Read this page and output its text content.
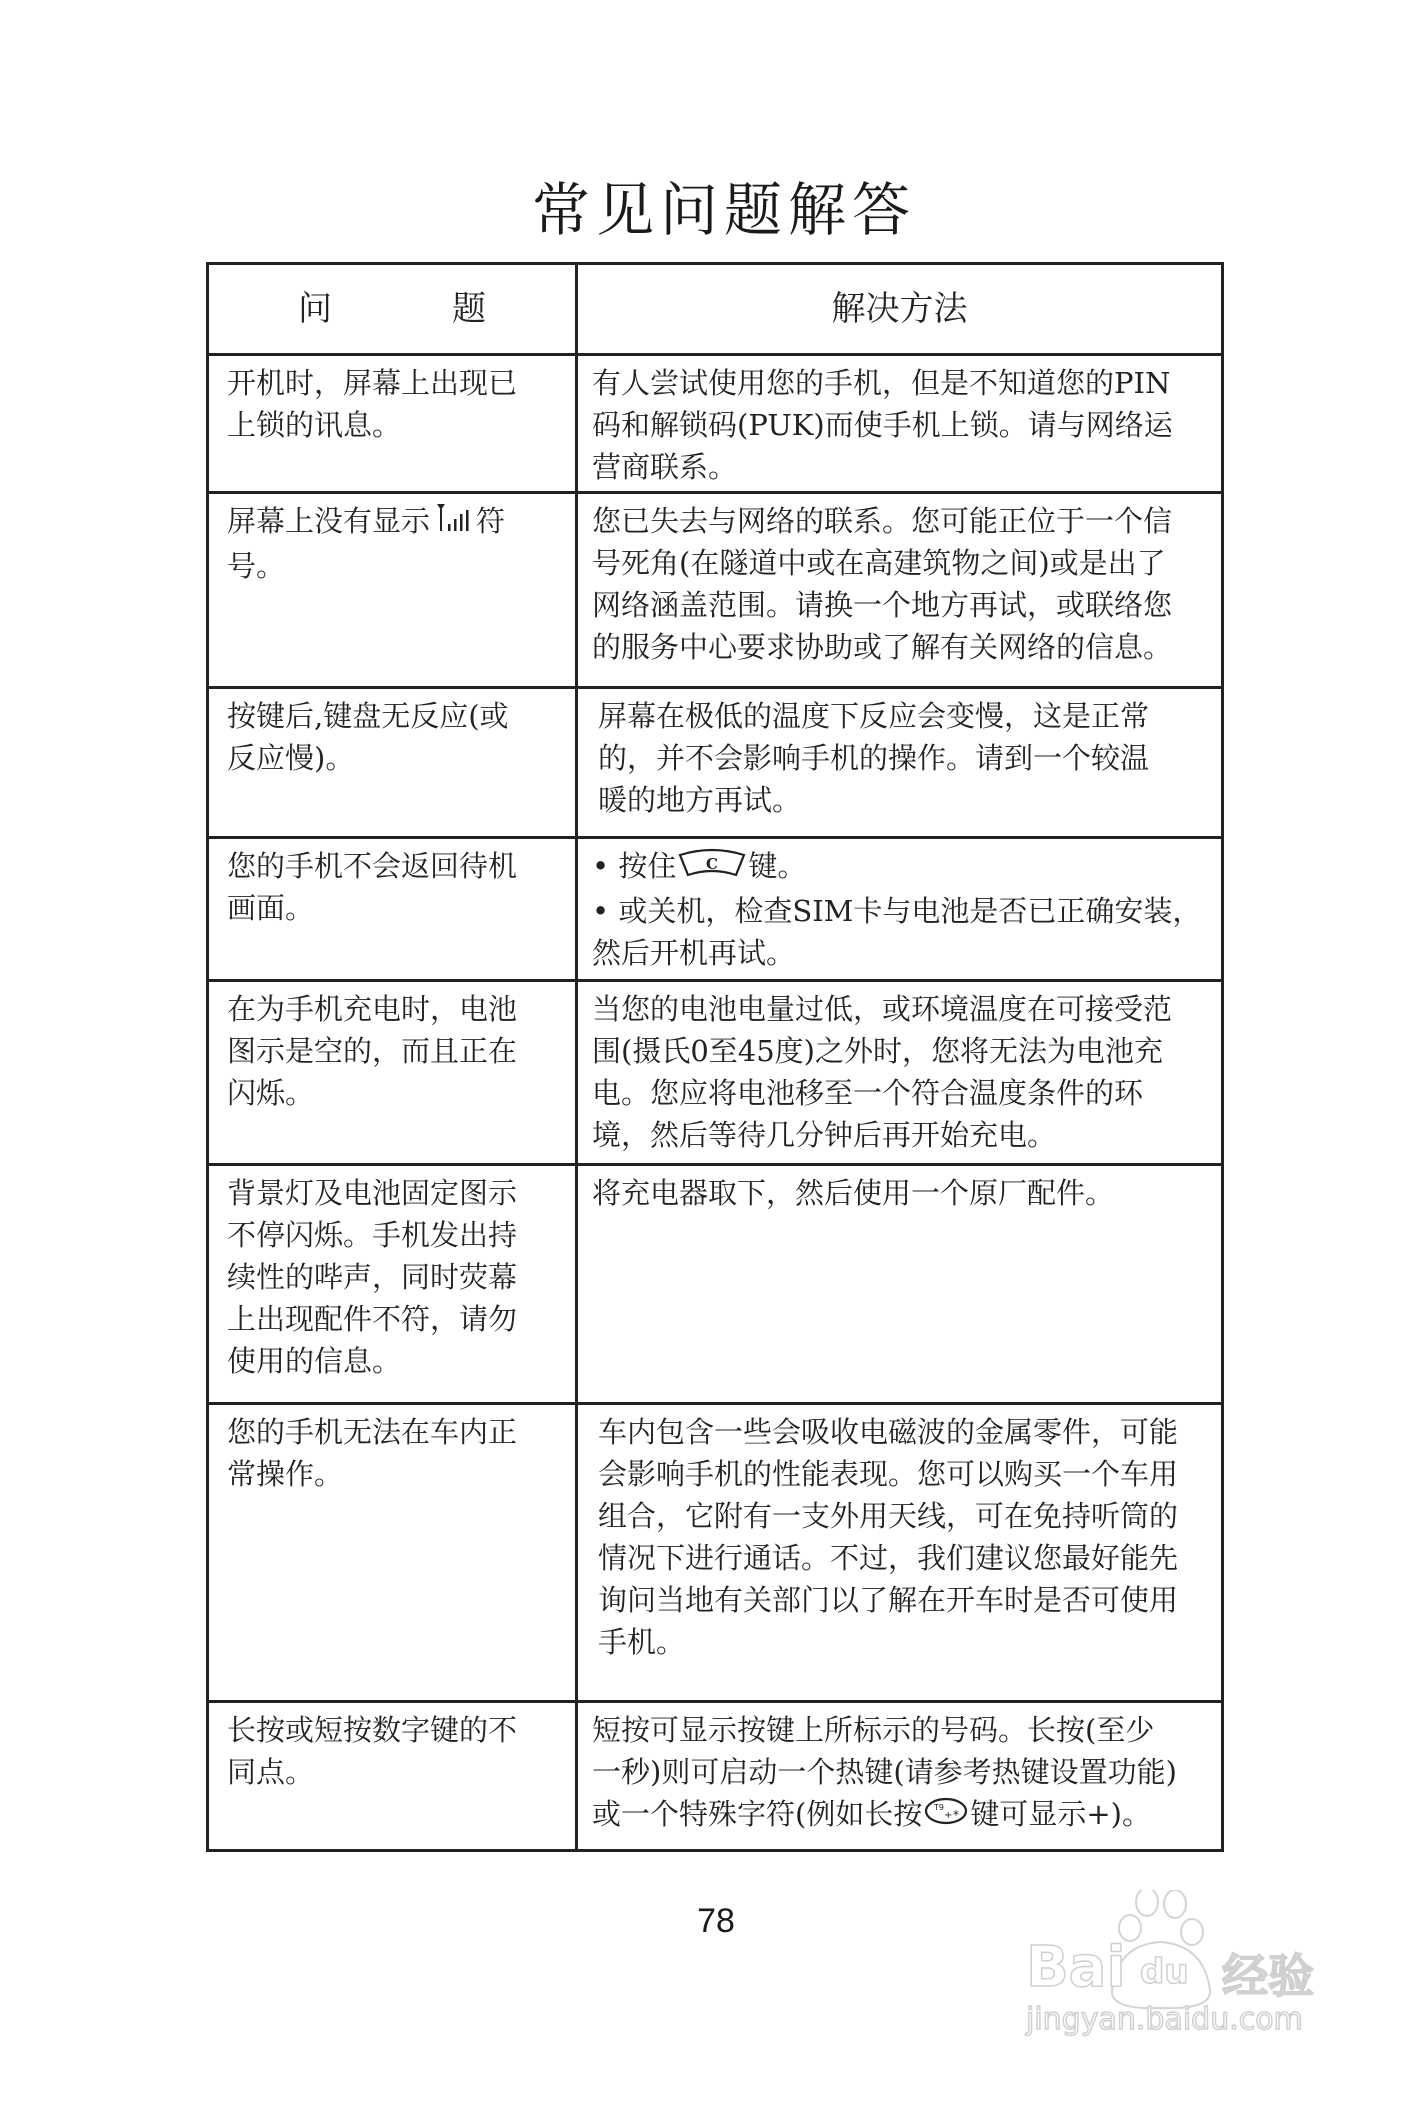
常见问题解答
问	题	解决方法
开机时，屏幕上出现已
上锁的讯息。
有人尝试使用您的手机，但是不知道您的PIN
码和解锁码(PUK)而使手机上锁。请与网络运
营商联系。
屏幕上没有显示 符
号。
您已失去与网络的联系。您可能正位于一个信
号死角(在隧道中或在高建筑物之间)或是出了
网络涵盖范围。请换一个地方再试，或联络您
的服务中心要求协助或了解有关网络的信息。
按键后,键盘无反应(或
反应慢)。
屏幕在极低的温度下反应会变慢，这是正常
的，并不会影响手机的操作。请到一个较温
暖的地方再试。
您的手机不会返回待机
画面。
• 按住 C 键。
• 或关机，检查SIM卡与电池是否已正确安装，
然后开机再试。
在为手机充电时，电池
图示是空的，而且正在
闪烁。
当您的电池电量过低，或环境温度在可接受范
围(摄氏0至45度)之外时，您将无法为电池充
电。您应将电池移至一个符合温度条件的环
境，然后等待几分钟后再开始充电。
背景灯及电池固定图示
不停闪烁。手机发出持
续性的哔声，同时荧幕
上出现配件不符，请勿
使用的信息。
将充电器取下，然后使用一个原厂配件。
您的手机无法在车内正
常操作。
车内包含一些会吸收电磁波的金属零件，可能
会影响手机的性能表现。您可以购买一个车用
组合，它附有一支外用天线，可在免持听筒的
情况下进行通话。不过，我们建议您最好能先
询问当地有关部门以了解在开车时是否可使用
手机。
长按或短按数字键的不
同点。
短按可显示按键上所标示的号码。长按(至少
一秒)则可启动一个热键(请参考热键设置功能)
或一个特殊字符(例如长按 T9
+ * 键可显示+)。
78
Bai du 经验
jingyan.baidu.com
